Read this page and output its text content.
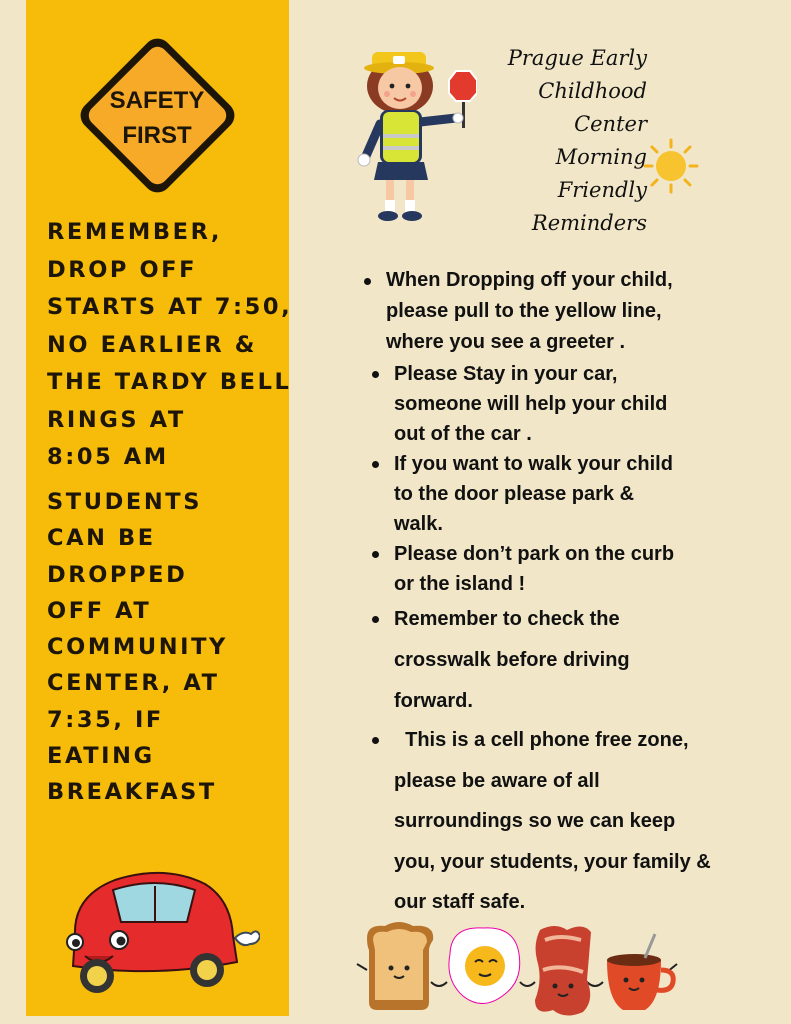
SAFETY
FIRST

REMEMBER,
DROP OFF
STARTS AT 7:50,
NO EARLIER &
THE TARDY BELL
RINGS AT
8:05 AM

STUDENTS
CAN BE
DROPPED
OFF AT
COMMUNITY
CENTER, AT
7:35, IF
EATING
BREAKFAST

Prague Early
Childhood
Center
Morning
Friendly
Reminders
When Dropping off your child,
please pull to the yellow line,
where you see a greeter .
Please Stay in your car,
someone will help your child
out of the car .
If you want to walk your child
to the door please park &
walk.
Please don’t park on the curb
or the island !
Remember to check the
crosswalk before driving
forward.
This is a cell phone free zone,
please be aware of all
surroundings so we can keep
you, your students, your family &
our staff safe.
